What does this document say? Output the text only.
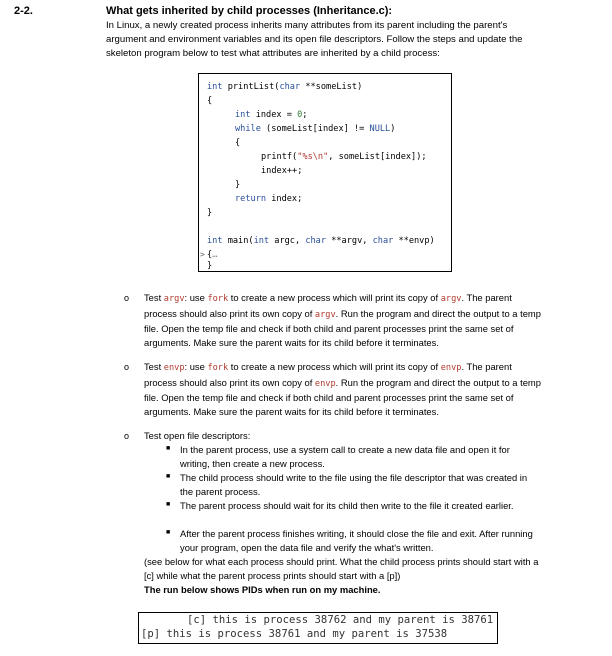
2-2.	What gets inherited by child processes (Inheritance.c):
In Linux, a newly created process inherits many attributes from its parent including the parent's argument and environment variables and its open file descriptors. Follow the steps and update the skeleton program below to test what attributes are inherited by a child process:
int printList(char **someList)
{
int index = 0;
while (someList[index] != NULL)
{
printf("%s\n", someList[index]);
index++;
}
return index;
}
int main(int argc, char **argv, char **envp)
> {…
}
o Test argv: use fork to create a new process which will print its copy of argv. The parent process should also print its own copy of argv. Run the program and direct the output to a temp file. Open the temp file and check if both child and parent processes print the same set of arguments. Make sure the parent waits for its child before it terminates.
o Test envp: use fork to create a new process which will print its copy of envp. The parent process should also print its own copy of envp. Run the program and direct the output to a temp file. Open the temp file and check if both child and parent processes print the same set of arguments. Make sure the parent waits for its child before it terminates.
o Test open file descriptors:
■ In the parent process, use a system call to create a new data file and open it for writing, then create a new process.
■ The child process should write to the file using the file descriptor that was created in the parent process.
■ The parent process should wait for its child then write to the file it created earlier.
■ After the parent process finishes writing, it should close the file and exit. After running your program, open the data file and verify the what's written.
(see below for what each process should print. What the child process prints should start with a [c] while what the parent process prints should start with a [p])
The run below shows PIDs when run on my machine.
[c] this is process 38762 and my parent is 38761
[p] this is process 38761 and my parent is 37538
